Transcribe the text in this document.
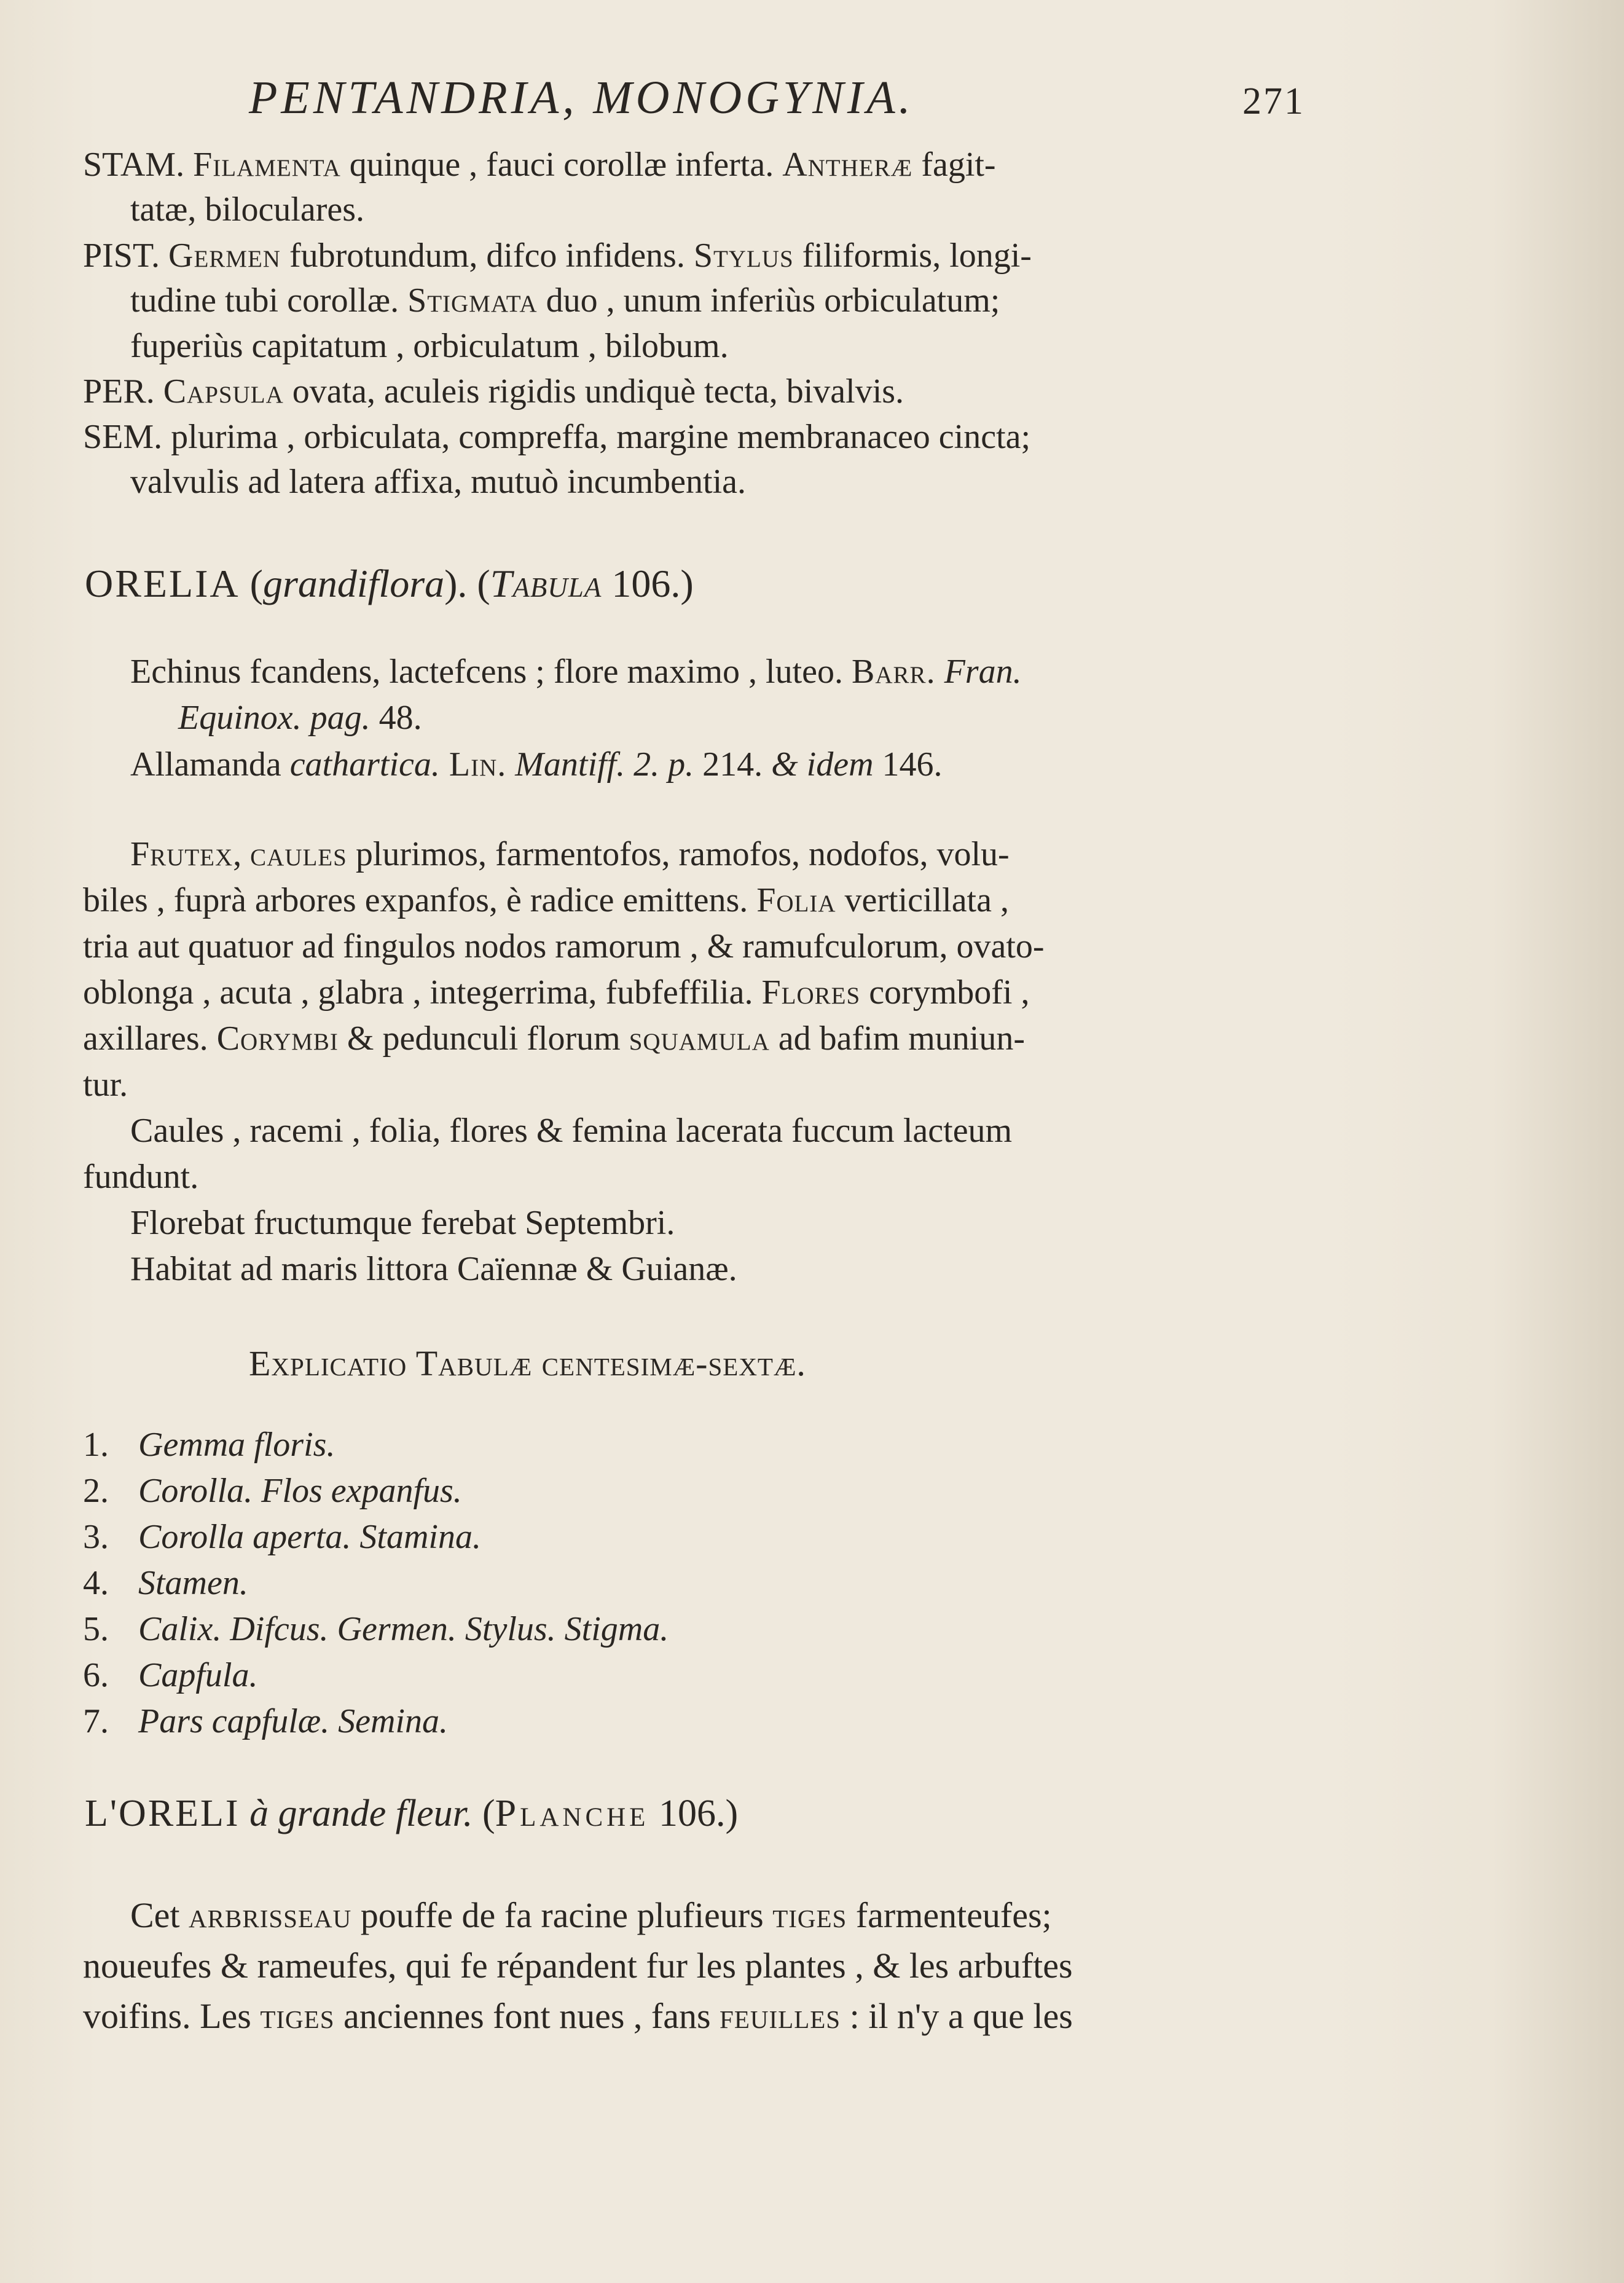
PENTANDRIA, MONOGYNIA.	271
STAM. Filamenta quinque , fauci corollæ inferta. Antheræ fagit-
tatæ, biloculares.
PIST. Germen fubrotundum, difco infidens. Stylus filiformis, longi-
tudine tubi corollæ. Stigmata duo , unum inferiùs orbiculatum;
fuperiùs capitatum , orbiculatum , bilobum.
PER. Capsula ovata, aculeis rigidis undiquè tecta, bivalvis.
SEM. plurima , orbiculata, compreffa, margine membranaceo cincta;
valvulis ad latera affixa, mutuò incumbentia.
ORELIA (grandiflora). (Tabula 106.)
Echinus fcandens, lactefcens ; flore maximo , luteo. Barr. Fran.
Equinox. pag. 48.
Allamanda cathartica. Lin. Mantiff. 2. p. 214. & idem 146.
Frutex, caules plurimos, farmentofos, ramofos, nodofos, volu-
biles , fuprà arbores expanfos, è radice emittens. Folia verticillata ,
tria aut quatuor ad fingulos nodos ramorum , & ramufculorum, ovato-
oblonga , acuta , glabra , integerrima, fubfeffilia. Flores corymbofi ,
axillares. Corymbi & pedunculi florum squamula ad bafim muniun-
tur.
Caules , racemi , folia, flores & femina lacerata fuccum lacteum
fundunt.
Florebat fructumque ferebat Septembri.
Habitat ad maris littora Caïennæ & Guianæ.
Explicatio Tabulæ centesimæ-sextæ.
1. Gemma floris.
2. Corolla. Flos expanfus.
3. Corolla aperta. Stamina.
4. Stamen.
5. Calix. Difcus. Germen. Stylus. Stigma.
6. Capfula.
7. Pars capfulæ. Semina.
L'ORELI à grande fleur. (Planche 106.)
Cet arbrisseau pouffe de fa racine plufieurs tiges farmenteufes;
noueufes & rameufes, qui fe répandent fur les plantes , & les arbuftes
voifins. Les tiges anciennes font nues , fans feuilles : il n'y a que les
